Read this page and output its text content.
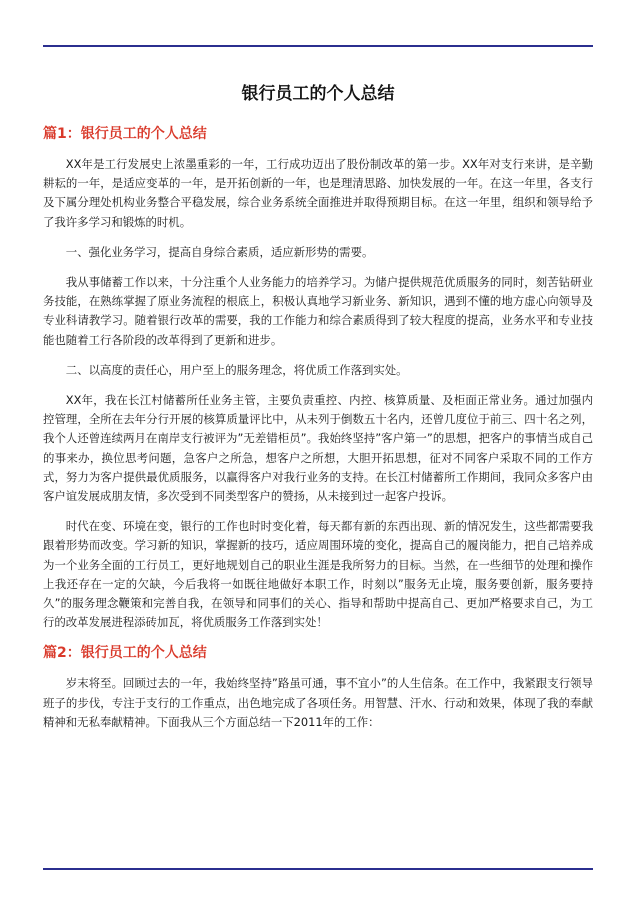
银行员工的个人总结
篇1：银行员工的个人总结

XX年是工行发展史上浓墨重彩的一年，工行成功迈出了股份制改革的第一步。XX年对支行来讲，是辛勤耕耘的一年，是适应变革的一年，是开拓创新的一年，也是理清思路、加快发展的一年。在这一年里，各支行及下属分理处机构业务整合平稳发展，综合业务系统全面推进并取得预期目标。在这一年里，组织和领导给予了我许多学习和锻炼的时机。

一、强化业务学习，提高自身综合素质，适应新形势的需要。

我从事储蓄工作以来，十分注重个人业务能力的培养学习。为储户提供规范优质服务的同时，刻苦钻研业务技能，在熟练掌握了原业务流程的根底上，积极认真地学习新业务、新知识，遇到不懂的地方虚心向领导及专业科请教学习。随着银行改革的需要，我的工作能力和综合素质得到了较大程度的提高，业务水平和专业技能也随着工行各阶段的改革得到了更新和进步。

二、以高度的责任心，用户至上的服务理念，将优质工作落到实处。

XX年，我在长江村储蓄所任业务主管，主要负责重控、内控、核算质量、及柜面正常业务。通过加强内控管理，全所在去年分行开展的核算质量评比中，从未列于倒数五十名内，还曾几度位于前三、四十名之列，我个人还曾连续两月在南岸支行被评为”无差错柜员”。我始终坚持”客户第一”的思想，把客户的事情当成自己的事来办，换位思考问题，急客户之所急，想客户之所想，大胆开拓思想，征对不同客户采取不同的工作方式，努力为客户提供最优质服务，以赢得客户对我行业务的支持。在长江村储蓄所工作期间，我同众多客户由客户谊发展成朋友情，多次受到不同类型客户的赞扬，从未接到过一起客户投诉。

时代在变、环境在变，银行的工作也时时变化着，每天都有新的东西出现、新的情况发生，这些都需要我跟着形势而改变。学习新的知识，掌握新的技巧，适应周围环境的变化，提高自己的履岗能力，把自己培养成为一个业务全面的工行员工，更好地规划自己的职业生涯是我所努力的目标。当然，在一些细节的处理和操作上我还存在一定的欠缺，今后我将一如既往地做好本职工作，时刻以”服务无止境，服务要创新，服务要持久”的服务理念鞭策和完善自我，在领导和同事们的关心、指导和帮助中提高自己、更加严格要求自己，为工行的改革发展进程添砖加瓦，将优质服务工作落到实处！

篇2：银行员工的个人总结

岁末将至。回顾过去的一年，我始终坚持”路虽可通，事不宜小”的人生信条。在工作中，我紧跟支行领导班子的步伐，专注于支行的工作重点，出色地完成了各项任务。用智慧、汗水、行动和效果，体现了我的奉献精神和无私奉献精神。下面我从三个方面总结一下2011年的工作：
